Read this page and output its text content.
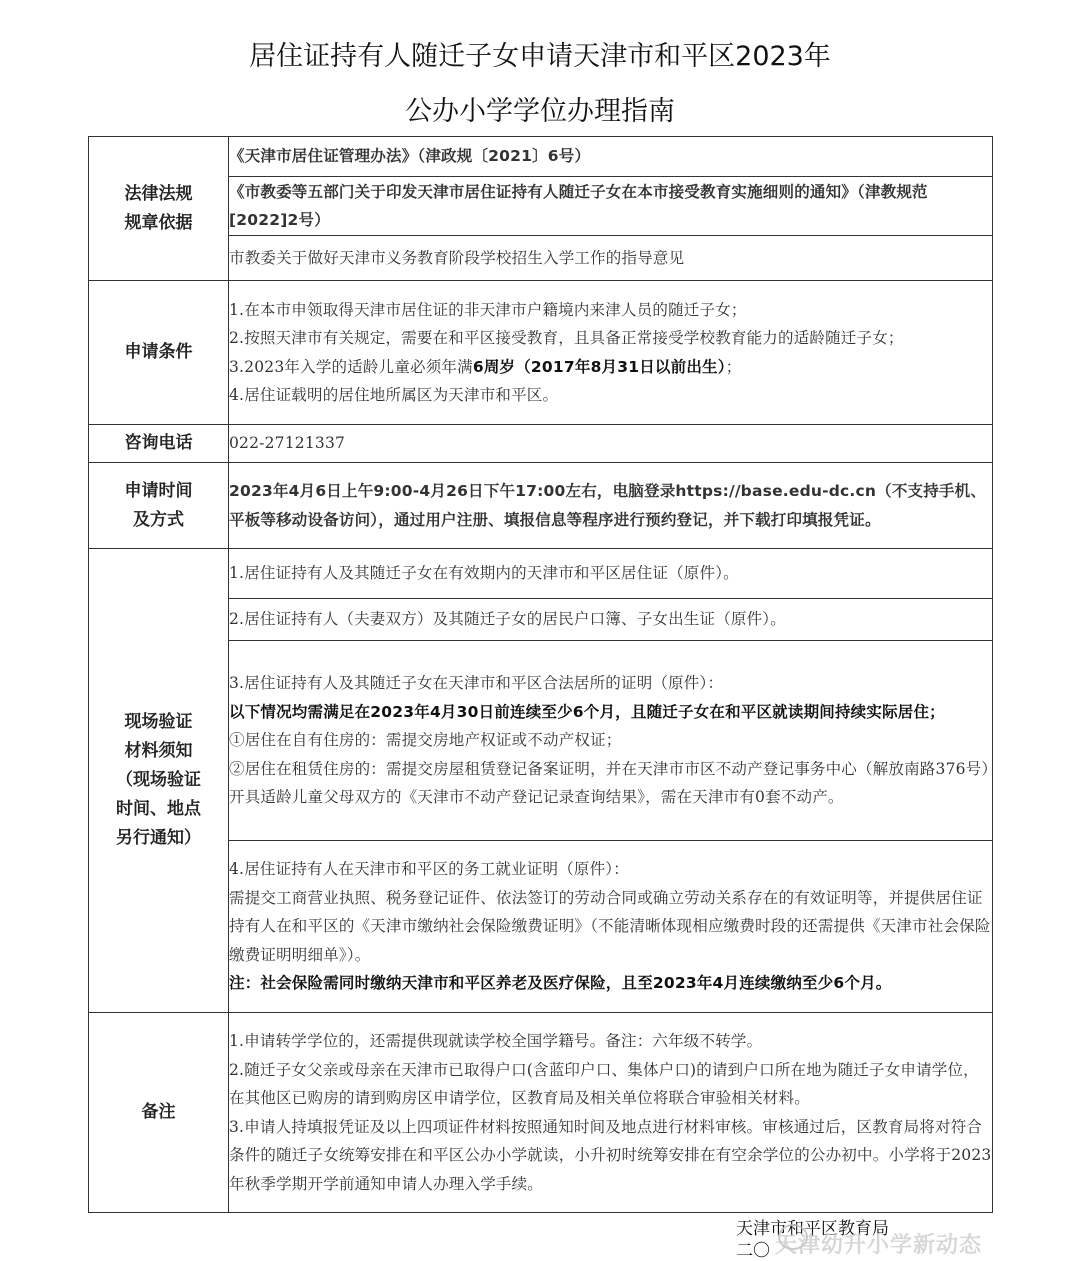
居住证持有人随迁子女申请天津市和平区2023年
公办小学学位办理指南
法律法规
规章依据	《天津市居住证管理办法》（津政规〔2021〕6号）
	《市教委等五部门关于印发天津市居住证持有人随迁子女在本市接受教育实施细则的通知》（津教规范[2022]2号）
	市教委关于做好天津市义务教育阶段学校招生入学工作的指导意见
申请条件	1.在本市申领取得天津市居住证的非天津市户籍境内来津人员的随迁子女；
2.按照天津市有关规定，需要在和平区接受教育，且具备正常接受学校教育能力的适龄随迁子女；
3.2023年入学的适龄儿童必须年满6周岁（2017年8月31日以前出生）；
4.居住证载明的居住地所属区为天津市和平区。

咨询电话	022-27121337

申请时间
及方式	2023年4月6日上午9:00-4月26日下午17:00左右，电脑登录https://base.edu-dc.cn（不支持手机、平板等移动设备访问），通过用户注册、填报信息等程序进行预约登记，并下载打印填报凭证。

现场验证
材料须知
（现场验证
时间、地点
另行通知）	1.居住证持有人及其随迁子女在有效期内的天津市和平区居住证（原件）。
	2.居住证持有人（夫妻双方）及其随迁子女的居民户口簿、子女出生证（原件）。

	3.居住证持有人及其随迁子女在天津市和平区合法居所的证明（原件）：
以下情况均需满足在2023年4月30日前连续至少6个月，且随迁子女在和平区就读期间持续实际居住；
①居住在自有住房的：需提交房地产权证或不动产权证；
②居住在租赁住房的：需提交房屋租赁登记备案证明，并在天津市市区不动产登记事务中心（解放南路376号）开具适龄儿童父母双方的《天津市不动产登记记录查询结果》，需在天津市有0套不动产。

	4.居住证持有人在天津市和平区的务工就业证明（原件）：
需提交工商营业执照、税务登记证件、依法签订的劳动合同或确立劳动关系存在的有效证明等，并提供居住证持有人在和平区的《天津市缴纳社会保险缴费证明》（不能清晰体现相应缴费时段的还需提供《天津市社会保险缴费证明明细单》）。
注：社会保险需同时缴纳天津市和平区养老及医疗保险，且至2023年4月连续缴纳至少6个月。

备注	1.申请转学学位的，还需提供现就读学校全国学籍号。备注：六年级不转学。
2.随迁子女父亲或母亲在天津市已取得户口(含蓝印户口、集体户口)的请到户口所在地为随迁子女申请学位，在其他区已购房的请到购房区申请学位，区教育局及相关单位将联合审验相关材料。
3.申请人持填报凭证及以上四项证件材料按照通知时间及地点进行材料审核。审核通过后，区教育局将对符合条件的随迁子女统筹安排在和平区公办小学就读，小升初时统筹安排在有空余学位的公办初中。小学将于2023年秋季学期开学前通知申请人办理入学手续。
天津市和平区教育局
二〇 天津幼升小学新动态
